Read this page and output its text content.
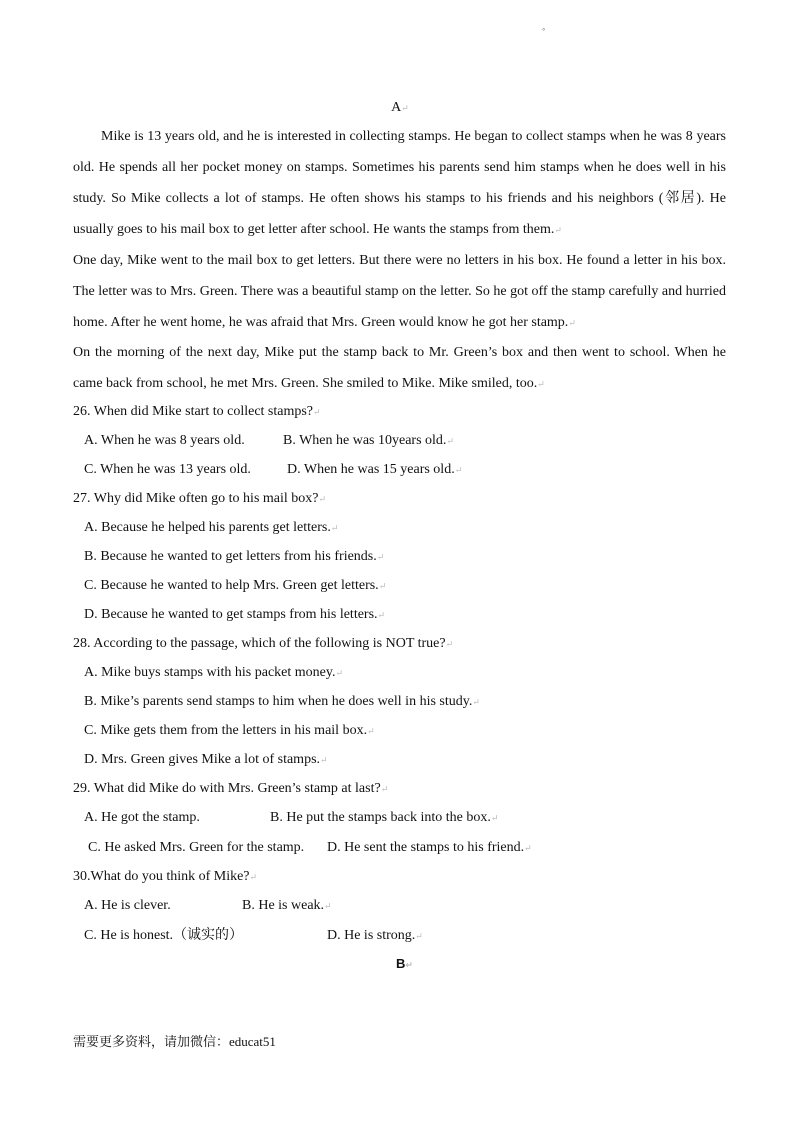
◦
A↵
Mike is 13 years old, and he is interested in collecting stamps. He began to collect stamps when he was 8 years old. He spends all her pocket money on stamps. Sometimes his parents send him stamps when he does well in his study. So Mike collects a lot of stamps. He often shows his stamps to his friends and his neighbors (邻居). He usually goes to his mail box to get letter after school. He wants the stamps from them.↵
One day, Mike went to the mail box to get letters. But there were no letters in his box. He found a letter in his box. The letter was to Mrs. Green. There was a beautiful stamp on the letter. So he got off the stamp carefully and hurried home. After he went home, he was afraid that Mrs. Green would know he got her stamp.↵
On the morning of the next day, Mike put the stamp back to Mr. Green’s box and then went to school. When he came back from school, he met Mrs. Green. She smiled to Mike. Mike smiled, too.↵
26. When did Mike start to collect stamps?↵
A. When he was 8 years old.	B. When he was 10years old.↵
C. When he was 13 years old.	D. When he was 15 years old.↵
27. Why did Mike often go to his mail box?↵
A. Because he helped his parents get letters.↵
B. Because he wanted to get letters from his friends.↵
C. Because he wanted to help Mrs. Green get letters.↵
D. Because he wanted to get stamps from his letters.↵
28. According to the passage, which of the following is NOT true?↵
A. Mike buys stamps with his packet money.↵
B. Mike’s parents send stamps to him when he does well in his study.↵
C. Mike gets them from the letters in his mail box.↵
D. Mrs. Green gives Mike a lot of stamps.↵
29. What did Mike do with Mrs. Green’s stamp at last?↵
A. He got the stamp.	B. He put the stamps back into the box.↵
C. He asked Mrs. Green for the stamp. D. He sent the stamps to his friend.↵
30.What do you think of Mike?↵
A. He is clever.	B. He is weak.↵
C. He is honest.（诚实的）	D. He is strong.↵
B↵
需要更多资料，请加微信：educat51
